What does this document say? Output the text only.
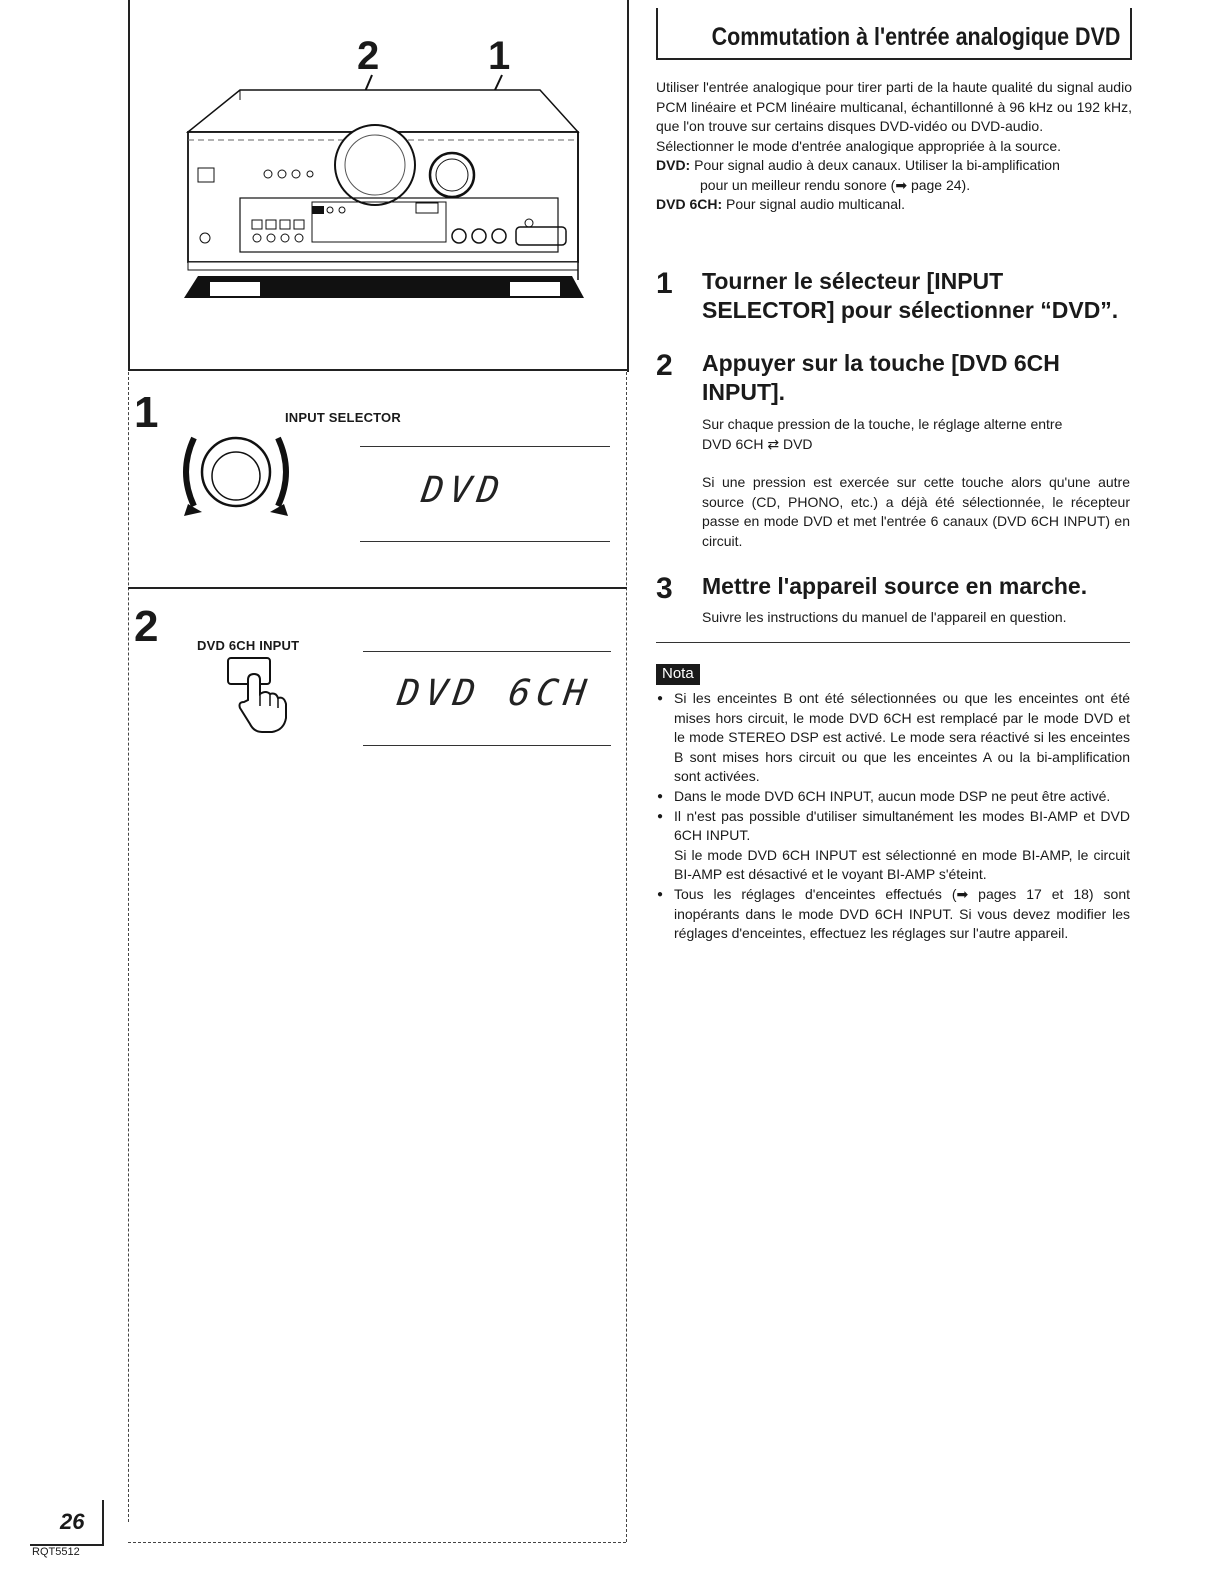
2	1
1	INPUT SELECTOR
DVD
2	DVD 6CH INPUT
DVD 6CH
26
RQT5512
Commutation à l'entrée analogique DVD

Utiliser l'entrée analogique pour tirer parti de la haute qualité du signal audio PCM linéaire et PCM linéaire multicanal, échantillonné à 96 kHz ou 192 kHz, que l'on trouve sur certains disques DVD-vidéo ou DVD-audio.

Sélectionner le mode d'entrée analogique appropriée à la source.

DVD: Pour signal audio à deux canaux. Utiliser la bi-amplification

pour un meilleur rendu sonore (➡ page 24).

DVD 6CH: Pour signal audio multicanal.

1 Tourner le sélecteur [INPUT SELECTOR] pour sélectionner “DVD”.
2 Appuyer sur la touche [DVD 6CH INPUT].
Sur chaque pression de la touche, le réglage alterne entre
DVD 6CH ⇄ DVD
Si une pression est exercée sur cette touche alors qu'une autre source (CD, PHONO, etc.) a déjà été sélectionnée, le récepteur passe en mode DVD et met l'entrée 6 canaux (DVD 6CH INPUT) en circuit.
3 Mettre l'appareil source en marche.
Suivre les instructions du manuel de l'appareil en question.
Nota
● Si les enceintes B ont été sélectionnées ou que les enceintes ont été mises hors circuit, le mode DVD 6CH est remplacé par le mode DVD et le mode STEREO DSP est activé. Le mode sera réactivé si les enceintes B sont mises hors circuit ou que les enceintes A ou la bi-amplification sont activées.
● Dans le mode DVD 6CH INPUT, aucun mode DSP ne peut être activé.
● Il n'est pas possible d'utiliser simultanément les modes BI-AMP et DVD 6CH INPUT.
Si le mode DVD 6CH INPUT est sélectionné en mode BI-AMP, le circuit BI-AMP est désactivé et le voyant BI-AMP s'éteint.
● Tous les réglages d'enceintes effectués (➡ pages 17 et 18) sont inopérants dans le mode DVD 6CH INPUT. Si vous devez modifier les réglages d'enceintes, effectuez les réglages sur l'autre appareil.
